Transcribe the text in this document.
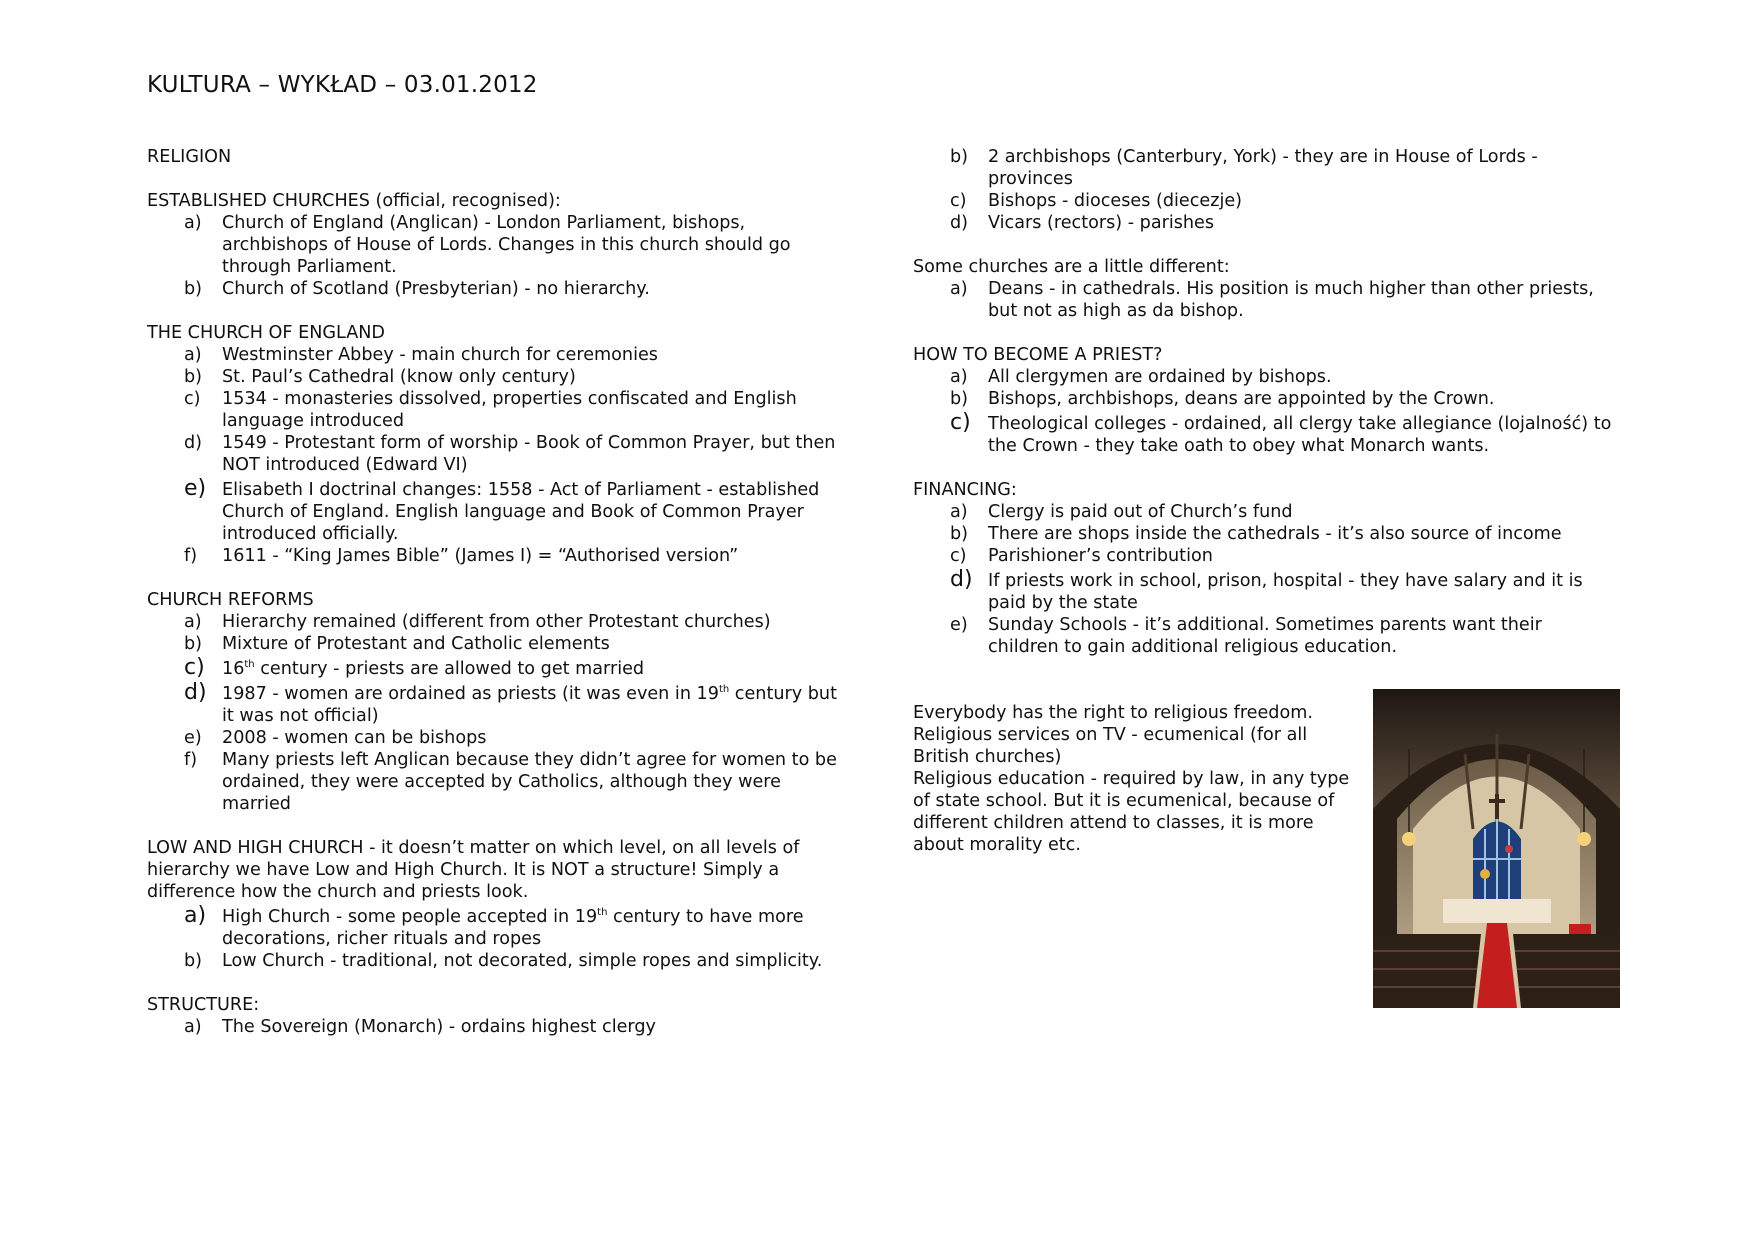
KULTURA – WYKŁAD – 03.01.2012
RELIGION
ESTABLISHED CHURCHES (official, recognised):
a) Church of England (Anglican) - London Parliament, bishops, archbishops of House of Lords. Changes in this church should go through Parliament.
b) Church of Scotland (Presbyterian) - no hierarchy.
THE CHURCH OF ENGLAND
a) Westminster Abbey - main church for ceremonies
b) St. Paul’s Cathedral (know only century)
c) 1534 - monasteries dissolved, properties confiscated and English language introduced
d) 1549 - Protestant form of worship - Book of Common Prayer, but then NOT introduced (Edward VI)
e) Elisabeth I doctrinal changes: 1558 - Act of Parliament - established Church of England. English language and Book of Common Prayer introduced officially.
f) 1611 - “King James Bible” (James I) = “Authorised version”
CHURCH REFORMS
a) Hierarchy remained (different from other Protestant churches)
b) Mixture of Protestant and Catholic elements
c) 16th century - priests are allowed to get married
d) 1987 - women are ordained as priests (it was even in 19th century but it was not official)
e) 2008 - women can be bishops
f) Many priests left Anglican because they didn’t agree for women to be ordained, they were accepted by Catholics, although they were married
LOW AND HIGH CHURCH - it doesn’t matter on which level, on all levels of hierarchy we have Low and High Church. It is NOT a structure! Simply a difference how the church and priests look.
a) High Church - some people accepted in 19th century to have more decorations, richer rituals and ropes
b) Low Church - traditional, not decorated, simple ropes and simplicity.
STRUCTURE:
a) The Sovereign (Monarch) - ordains highest clergy
b) 2 archbishops (Canterbury, York) - they are in House of Lords - provinces
c) Bishops - dioceses (diecezje)
d) Vicars (rectors) - parishes
Some churches are a little different:
a) Deans - in cathedrals. His position is much higher than other priests, but not as high as da bishop.
HOW TO BECOME A PRIEST?
a) All clergymen are ordained by bishops.
b) Bishops, archbishops, deans are appointed by the Crown.
c) Theological colleges - ordained, all clergy take allegiance (lojalność) to the Crown - they take oath to obey what Monarch wants.
FINANCING:
a) Clergy is paid out of Church’s fund
b) There are shops inside the cathedrals - it’s also source of income
c) Parishioner’s contribution
d) If priests work in school, prison, hospital - they have salary and it is paid by the state
e) Sunday Schools - it’s additional. Sometimes parents want their children to gain additional religious education.
Everybody has the right to religious freedom.
Religious services on TV - ecumenical (for all British churches)
Religious education - required by law, in any type of state school. But it is ecumenical, because of different children attend to classes, it is more about morality etc.
